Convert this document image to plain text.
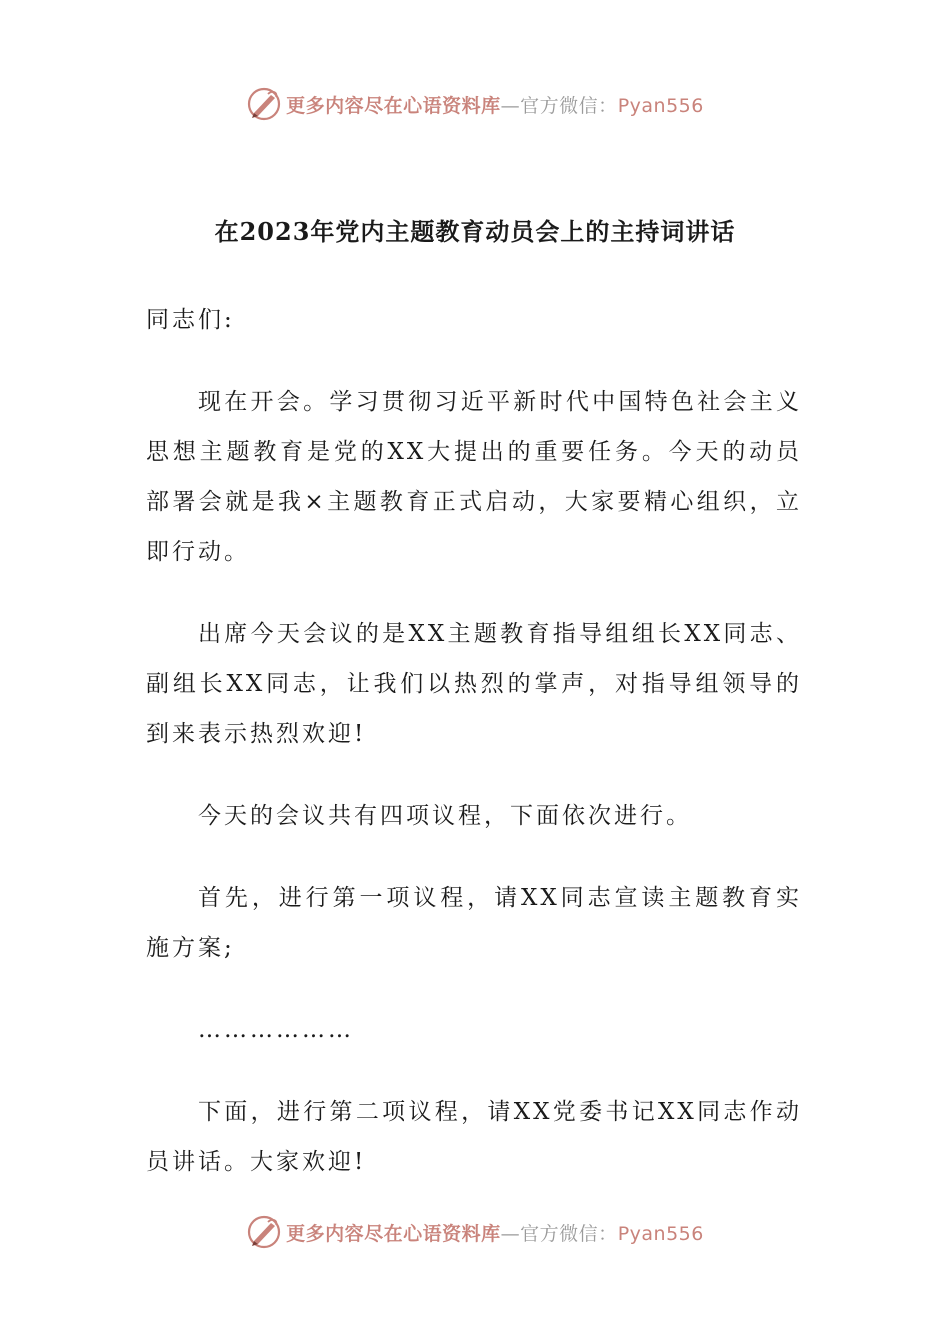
更多内容尽在心语资料库—官方微信：Pyan556
在2023年党内主题教育动员会上的主持词讲话

同志们:

现在开会。学习贯彻习近平新时代中国特色社会主义思想主题教育是党的XX大提出的重要任务。今天的动员部署会就是我×主题教育正式启动，大家要精心组织，立即行动。

出席今天会议的是XX主题教育指导组组长XX同志、副组长XX同志，让我们以热烈的掌声，对指导组领导的到来表示热烈欢迎!

今天的会议共有四项议程，下面依次进行。

首先，进行第一项议程，请XX同志宣读主题教育实施方案;

………………

下面，进行第二项议程，请XX党委书记XX同志作动员讲话。大家欢迎!

更多内容尽在心语资料库—官方微信：Pyan556
